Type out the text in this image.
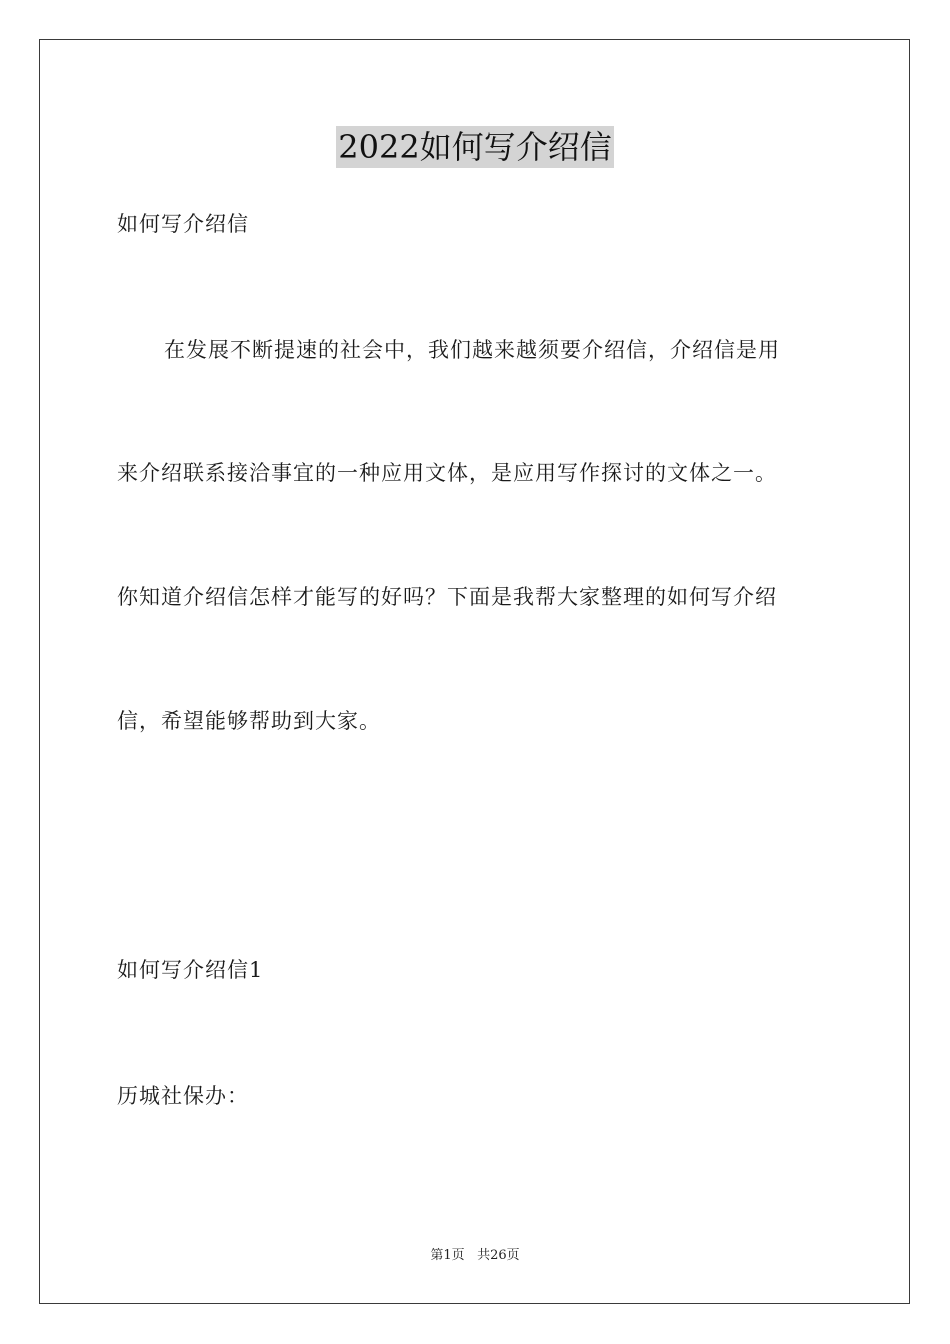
2022如何写介绍信
如何写介绍信
在发展不断提速的社会中，我们越来越须要介绍信，介绍信是用
来介绍联系接洽事宜的一种应用文体，是应用写作探讨的文体之一。
你知道介绍信怎样才能写的好吗？下面是我帮大家整理的如何写介绍
信，希望能够帮助到大家。
如何写介绍信1
历城社保办：
第1页 共26页
